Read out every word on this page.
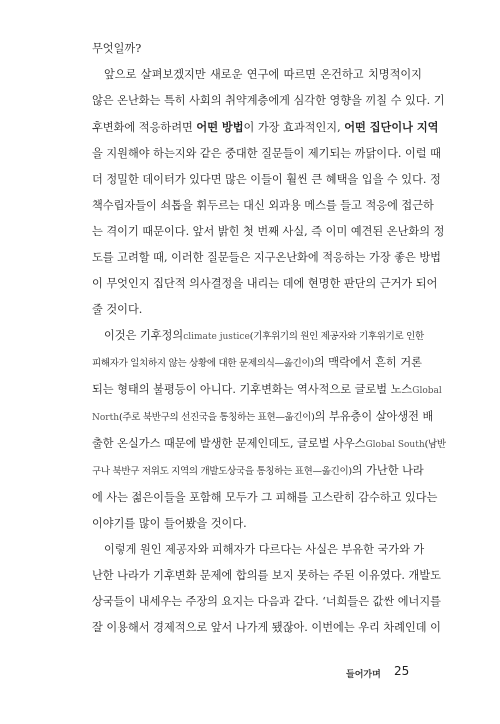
무엇일까?
앞으로 살펴보겠지만 새로운 연구에 따르면 온건하고 치명적이지
않은 온난화는 특히 사회의 취약계층에게 심각한 영향을 끼칠 수 있다. 기
후변화에 적응하려면 어떤 방법이 가장 효과적인지, 어떤 집단이나 지역
을 지원해야 하는지와 같은 중대한 질문들이 제기되는 까닭이다. 이럴 때
더 정밀한 데이터가 있다면 많은 이들이 훨씬 큰 혜택을 입을 수 있다. 정
책수립자들이 쇠톱을 휘두르는 대신 외과용 메스를 들고 적응에 접근하
는 격이기 때문이다. 앞서 밝힌 첫 번째 사실, 즉 이미 예견된 온난화의 정
도를 고려할 때, 이러한 질문들은 지구온난화에 적응하는 가장 좋은 방법
이 무엇인지 집단적 의사결정을 내리는 데에 현명한 판단의 근거가 되어
줄 것이다.
이것은 기후정의climate justice(기후위기의 원인 제공자와 기후위기로 인한
피해자가 일치하지 않는 상황에 대한 문제의식—옮긴이)의 맥락에서 흔히 거론
되는 형태의 불평등이 아니다. 기후변화는 역사적으로 글로벌 노스Global
North(주로 북반구의 선진국을 통칭하는 표현—옮긴이)의 부유층이 살아생전 배
출한 온실가스 때문에 발생한 문제인데도, 글로벌 사우스Global South(남반
구나 북반구 저위도 지역의 개발도상국을 통칭하는 표현—옮긴이)의 가난한 나라
에 사는 젊은이들을 포함해 모두가 그 피해를 고스란히 감수하고 있다는
이야기를 많이 들어봤을 것이다.
이렇게 원인 제공자와 피해자가 다르다는 사실은 부유한 국가와 가
난한 나라가 기후변화 문제에 합의를 보지 못하는 주된 이유였다. 개발도
상국들이 내세우는 주장의 요지는 다음과 같다. ‘너희들은 값싼 에너지를
잘 이용해서 경제적으로 앞서 나가게 됐잖아. 이번에는 우리 차례인데 이
들어가며 25
